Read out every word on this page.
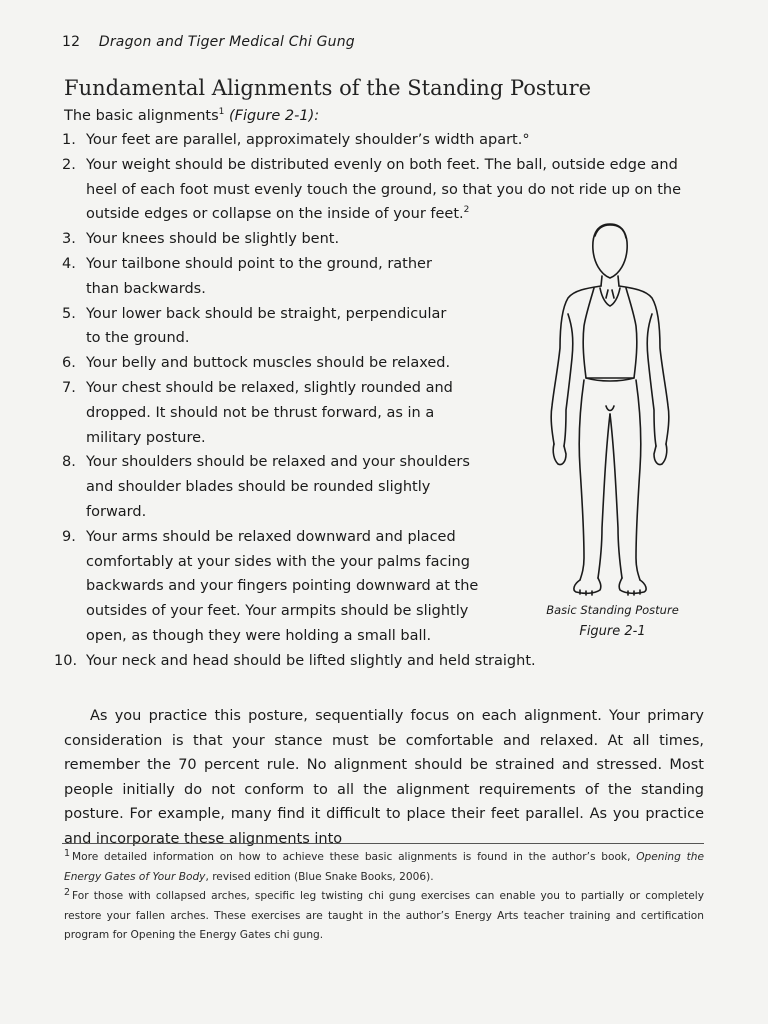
12 Dragon and Tiger Medical Chi Gung
Fundamental Alignments of the Standing Posture

The basic alignments$^1$ (Figure 2-1):

1. Your feet are parallel, approximately shoulder’s width apart.°
2. Your weight should be distributed evenly on both feet. The ball, outside edge and heel of each foot must evenly touch the ground, so that you do not ride up on the outside edges or collapse on the inside of your feet.$^2$
3. Your knees should be slightly bent.
4. Your tailbone should point to the ground, rather than backwards.
5. Your lower back should be straight, perpendicular to the ground.
6. Your belly and buttock muscles should be relaxed.
7. Your chest should be relaxed, slightly rounded and dropped. It should not be thrust forward, as in a military posture.
8. Your shoulders should be relaxed and your shoulders and shoulder blades should be rounded slightly forward.
9. Your arms should be relaxed downward and placed comfortably at your sides with the your palms facing backwards and your fingers pointing downward at the outsides of your feet. Your armpits should be slightly open, as though they were holding a small ball.
10. Your neck and head should be lifted slightly and held straight.
Basic Standing Posture
Figure 2-1

As you practice this posture, sequentially focus on each alignment. Your primary consideration is that your stance must be comfortable and relaxed. At all times, remember the 70 percent rule. No alignment should be strained and stressed. Most people initially do not conform to all the alignment requirements of the standing posture. For example, many find it difficult to place their feet parallel. As you practice and incorporate these alignments into

$^1$ More detailed information on how to achieve these basic alignments is found in the author’s book, Opening the Energy Gates of Your Body, revised edition (Blue Snake Books, 2006).

$^2$ For those with collapsed arches, specific leg twisting chi gung exercises can enable you to partially or completely restore your fallen arches. These exercises are taught in the author’s Energy Arts teacher training and certification program for Opening the Energy Gates chi gung.
